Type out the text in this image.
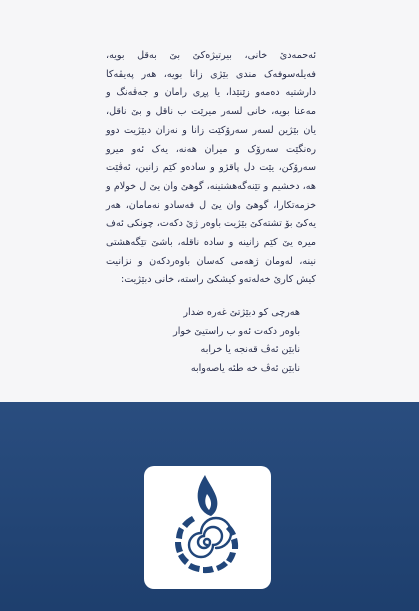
ئەحمەدێ خانی، بیرتیژەکێ بێ بەقل بویە، فەیلەسوفەک مندی بێژی زانا بویە، ھەر پەیڤەکا دارشتیە دەمەو زێنێدا، یا پڕی رامان و جەڤەنگ و مەعنا بویە، خانی لسەر میرێت ب ناقل و بێ ناقل، یان بێژین لسەر سەرۆکێت زانا و نەزان دبێژیت دوو رەنگێت سەرۆک و میران ھەنە، یەک ئەو میرو سەرۆکن، یێت دل پاقژو و سادەو کێم زانین، ئەڤێت ھە، دخشیم و تێنەگەھشتینە، گوھێ وان یێ ل خولام و خزمەتکارا، گوھێ وان یێ ل فەسادو نەمامان، ھەر یەکێ بۆ تشتەکێ بێژیت باوەر ژێ دکەت، چونکی ئەف میرە یێ کێم زانینە و سادە ناقلە، باشێ تێگەھشتی نینە، لەومان ژھەمی کەسان باوەردکەن و نزانیت کیش کارێ خەلەتەو کیشکێ راستە، خانی دبێژیت:

ھەرچی کو دبێژتێ غەرە ضدار
باوەر دکەت ئەو ب راستیێ خوار
نابێن ئەڤ قەنجە یا خرابە
نابێن ئەڤ خە طئە یاصەوابە
